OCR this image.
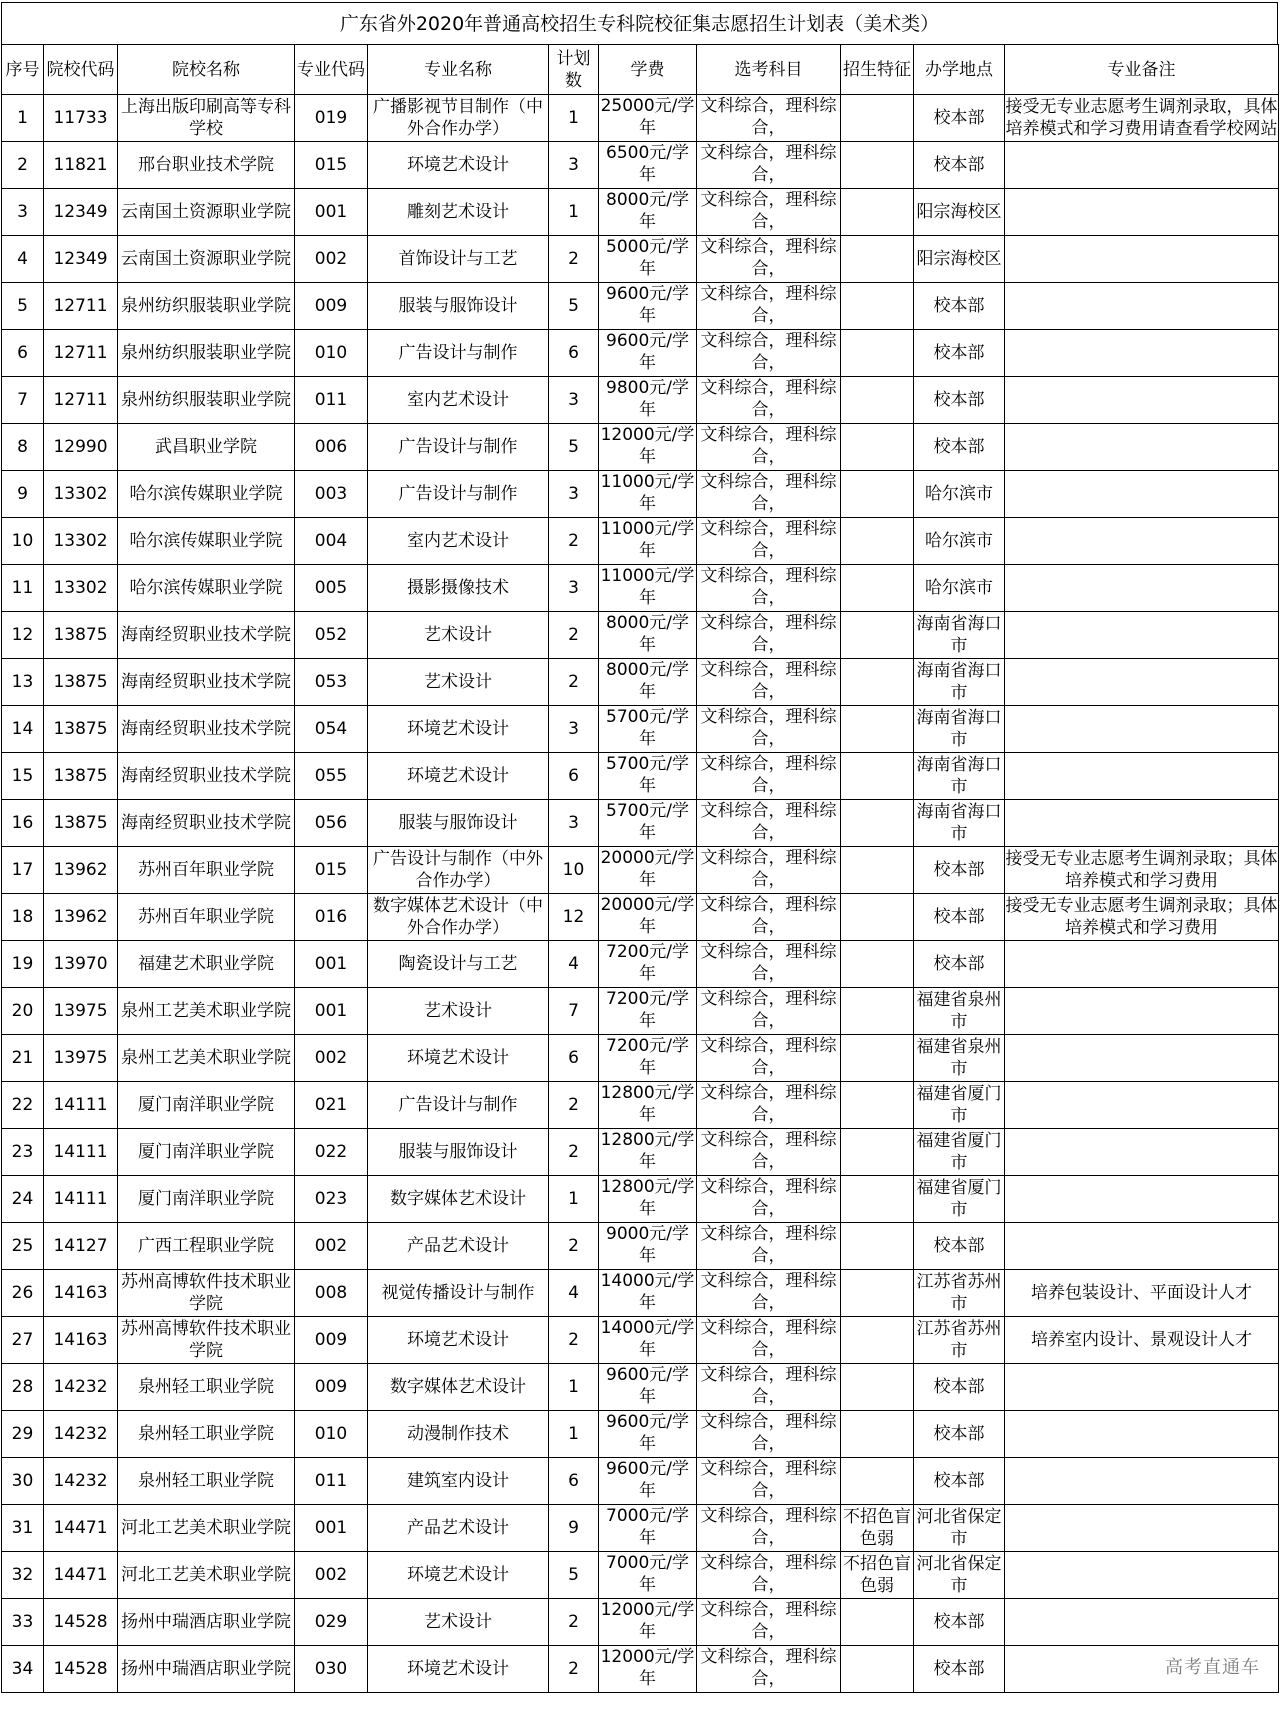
广东省外2020年普通高校招生专科院校征集志愿招生计划表（美术类）
序号	院校代码	院校名称	专业代码	专业名称	计划数	学费	选考科目	招生特征	办学地点	专业备注
1	11733	上海出版印刷高等专科学校	019	广播影视节目制作（中外合作办学）	1	25000元/学年	文科综合，理科综合，		校本部	接受无专业志愿考生调剂录取，具体培养模式和学习费用请查看学校网站

2	11821	邢台职业技术学院	015	环境艺术设计	3	6500元/学年	文科综合，理科综合，		校本部	

3	12349	云南国土资源职业学院	001	雕刻艺术设计	1	8000元/学年	文科综合，理科综合，		阳宗海校区	

4	12349	云南国土资源职业学院	002	首饰设计与工艺	2	5000元/学年	文科综合，理科综合，		阳宗海校区	

5	12711	泉州纺织服装职业学院	009	服装与服饰设计	5	9600元/学年	文科综合，理科综合，		校本部	

6	12711	泉州纺织服装职业学院	010	广告设计与制作	6	9600元/学年	文科综合，理科综合，		校本部	

7	12711	泉州纺织服装职业学院	011	室内艺术设计	3	9800元/学年	文科综合，理科综合，		校本部	

8	12990	武昌职业学院	006	广告设计与制作	5	12000元/学年	文科综合，理科综合，		校本部	

9	13302	哈尔滨传媒职业学院	003	广告设计与制作	3	11000元/学年	文科综合，理科综合，		哈尔滨市	

10	13302	哈尔滨传媒职业学院	004	室内艺术设计	2	11000元/学年	文科综合，理科综合，		哈尔滨市	

11	13302	哈尔滨传媒职业学院	005	摄影摄像技术	3	11000元/学年	文科综合，理科综合，		哈尔滨市	

12	13875	海南经贸职业技术学院	052	艺术设计	2	8000元/学年	文科综合，理科综合，		海南省海口市	

13	13875	海南经贸职业技术学院	053	艺术设计	2	8000元/学年	文科综合，理科综合，		海南省海口市	

14	13875	海南经贸职业技术学院	054	环境艺术设计	3	5700元/学年	文科综合，理科综合，		海南省海口市	

15	13875	海南经贸职业技术学院	055	环境艺术设计	6	5700元/学年	文科综合，理科综合，		海南省海口市	

16	13875	海南经贸职业技术学院	056	服装与服饰设计	3	5700元/学年	文科综合，理科综合，		海南省海口市	

17	13962	苏州百年职业学院	015	广告设计与制作（中外合作办学）	10	20000元/学年	文科综合，理科综合，		校本部	接受无专业志愿考生调剂录取；具体培养模式和学习费用

18	13962	苏州百年职业学院	016	数字媒体艺术设计（中外合作办学）	12	20000元/学年	文科综合，理科综合，		校本部	接受无专业志愿考生调剂录取；具体培养模式和学习费用

19	13970	福建艺术职业学院	001	陶瓷设计与工艺	4	7200元/学年	文科综合，理科综合，		校本部	

20	13975	泉州工艺美术职业学院	001	艺术设计	7	7200元/学年	文科综合，理科综合，		福建省泉州市	

21	13975	泉州工艺美术职业学院	002	环境艺术设计	6	7200元/学年	文科综合，理科综合，		福建省泉州市	

22	14111	厦门南洋职业学院	021	广告设计与制作	2	12800元/学年	文科综合，理科综合，		福建省厦门市	

23	14111	厦门南洋职业学院	022	服装与服饰设计	2	12800元/学年	文科综合，理科综合，		福建省厦门市	

24	14111	厦门南洋职业学院	023	数字媒体艺术设计	1	12800元/学年	文科综合，理科综合，		福建省厦门市	

25	14127	广西工程职业学院	002	产品艺术设计	2	9000元/学年	文科综合，理科综合，		校本部	

26	14163	苏州高博软件技术职业学院	008	视觉传播设计与制作	4	14000元/学年	文科综合，理科综合，		江苏省苏州市	培养包装设计、平面设计人才

27	14163	苏州高博软件技术职业学院	009	环境艺术设计	2	14000元/学年	文科综合，理科综合，		江苏省苏州市	培养室内设计、景观设计人才

28	14232	泉州轻工职业学院	009	数字媒体艺术设计	1	9600元/学年	文科综合，理科综合，		校本部	

29	14232	泉州轻工职业学院	010	动漫制作技术	1	9600元/学年	文科综合，理科综合，		校本部	

30	14232	泉州轻工职业学院	011	建筑室内设计	6	9600元/学年	文科综合，理科综合，		校本部	

31	14471	河北工艺美术职业学院	001	产品艺术设计	9	7000元/学年	文科综合，理科综合，	不招色盲色弱	河北省保定市	

32	14471	河北工艺美术职业学院	002	环境艺术设计	5	7000元/学年	文科综合，理科综合，	不招色盲色弱	河北省保定市	

33	14528	扬州中瑞酒店职业学院	029	艺术设计	2	12000元/学年	文科综合，理科综合，		校本部	

34	14528	扬州中瑞酒店职业学院	030	环境艺术设计	2	12000元/学年	文科综合，理科综合，		校本部	
		高考直通车
